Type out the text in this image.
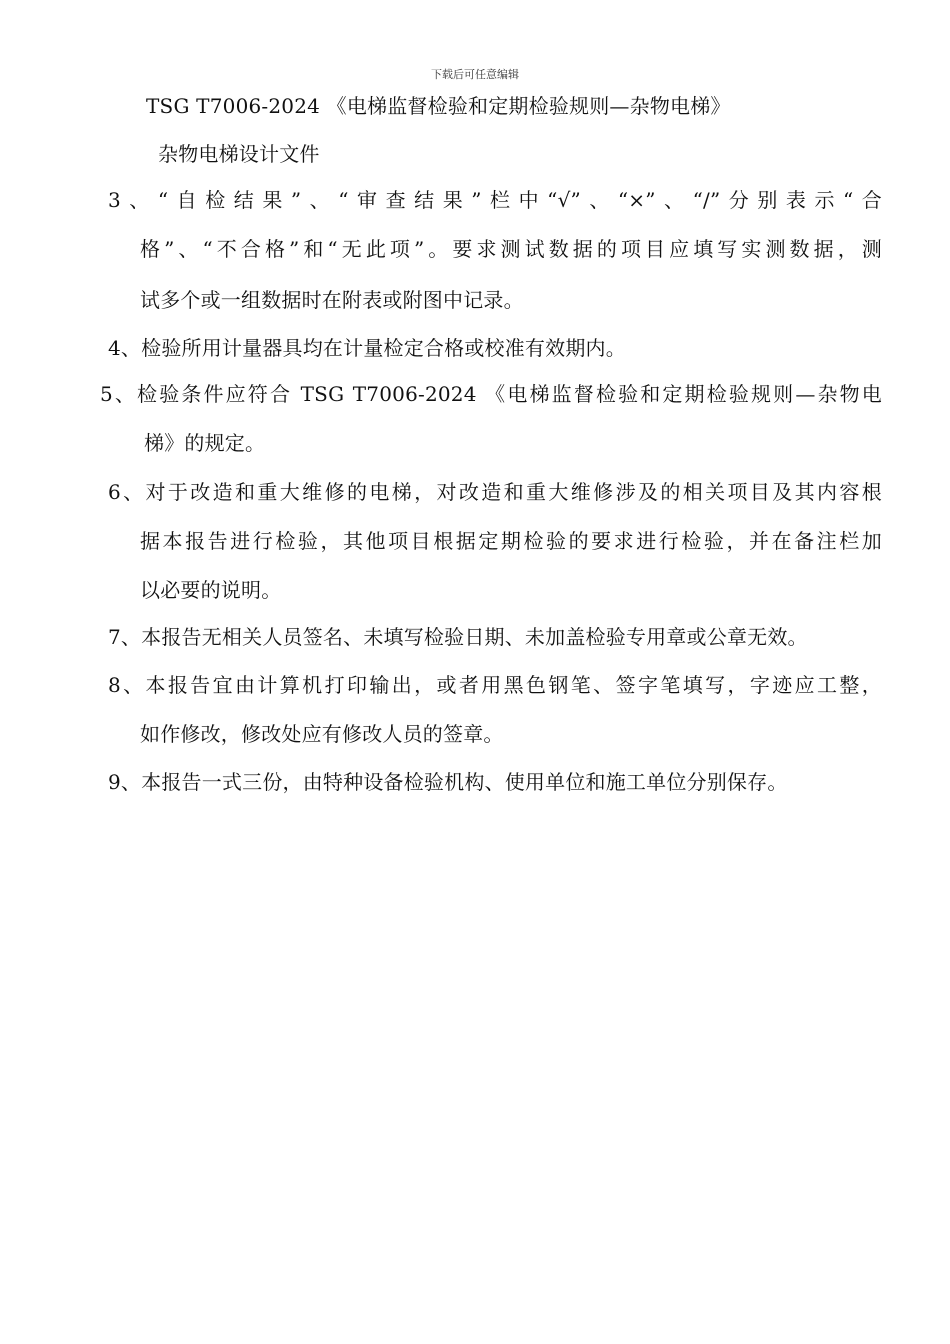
下载后可任意编辑
TSG T7006-2024 《电梯监督检验和定期检验规则—杂物电梯》
杂物电梯设计文件
3、“自检结果”、“审查结果”栏中“√”、“×”、“/”分别表示“合
格”、“不合格”和“无此项”。要求测试数据的项目应填写实测数据，测
试多个或一组数据时在附表或附图中记录。
4、检验所用计量器具均在计量检定合格或校准有效期内。
5、检验条件应符合 TSG T7006-2024 《电梯监督检验和定期检验规则—杂物电
梯》的规定。
6、对于改造和重大维修的电梯，对改造和重大维修涉及的相关项目及其内容根
据本报告进行检验，其他项目根据定期检验的要求进行检验，并在备注栏加
以必要的说明。
7、本报告无相关人员签名、未填写检验日期、未加盖检验专用章或公章无效。
8、本报告宜由计算机打印输出，或者用黑色钢笔、签字笔填写，字迹应工整，
如作修改，修改处应有修改人员的签章。
9、本报告一式三份，由特种设备检验机构、使用单位和施工单位分别保存。
